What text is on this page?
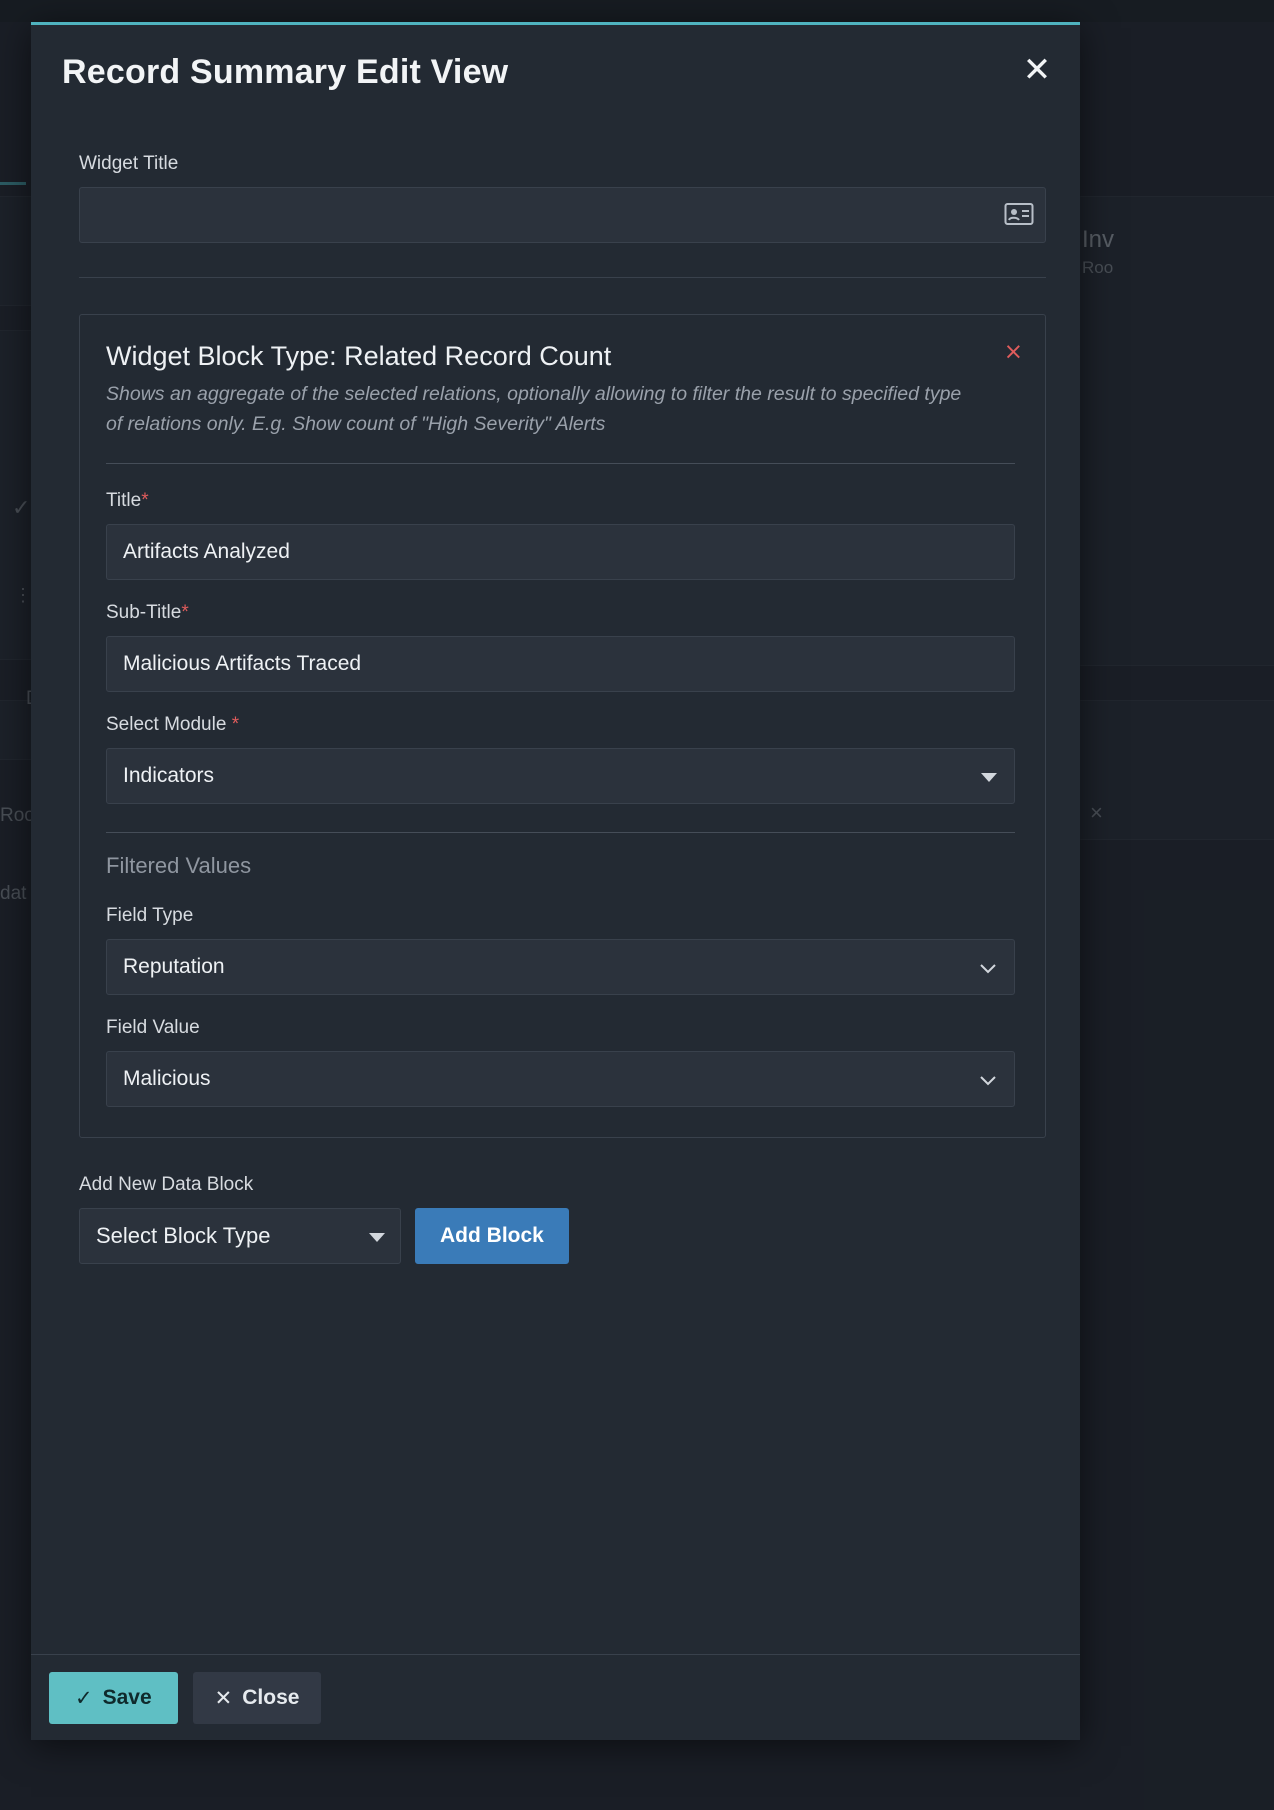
Record Summary Edit View	✕
Widget Title
×
Widget Block Type: Related Record Count

Shows an aggregate of the selected relations, optionally allowing to filter the result to specified type of relations only. E.g. Show count of "High Severity" Alerts

Title*
Artifacts Analyzed
Sub-Title*
Malicious Artifacts Traced
Select Module *
Indicators
Filtered Values
Field Type
Reputation
Field Value
Malicious
Add New Data Block
Select Block Type	Add Block
✓ Save	✕ Close
